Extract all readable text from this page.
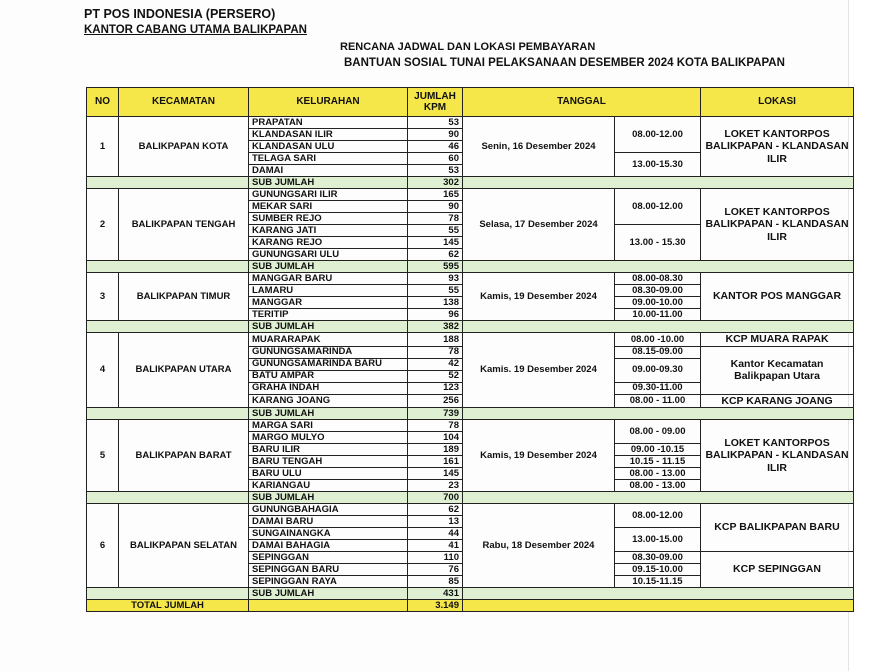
PT POS INDONESIA (PERSERO)
KANTOR CABANG UTAMA BALIKPAPAN
RENCANA JADWAL DAN LOKASI PEMBAYARAN
BANTUAN SOSIAL TUNAI PELAKSANAAN DESEMBER 2024 KOTA BALIKPAPAN
NO	KECAMATAN	KELURAHAN	JUMLAH KPM	TANGGAL		LOKASI
1	BALIKPAPAN KOTA	PRAPATAN	53	Senin, 16 Desember 2024	08.00-12.00	LOKET KANTORPOS BALIKPAPAN - KLANDASAN ILIR
		KLANDASAN ILIR	90			
		KLANDASAN ULU	46			
		TELAGA SARI	60		13.00-15.30	
		DAMAI	53			
		SUB JUMLAH	302			
2	BALIKPAPAN TENGAH	GUNUNGSARI ILIR	165	Selasa, 17 Desember 2024	08.00-12.00	LOKET KANTORPOS BALIKPAPAN - KLANDASAN ILIR
		MEKAR SARI	90			
		SUMBER REJO	78			
		KARANG JATI	55		13.00 - 15.30	
		KARANG REJO	145			
		GUNUNGSARI ULU	62			
		SUB JUMLAH	595			
3	BALIKPAPAN TIMUR	MANGGAR BARU	93	Kamis, 19 Desember 2024	08.00-08.30	KANTOR POS MANGGAR
		LAMARU	55		08.30-09.00	
		MANGGAR	138		09.00-10.00	
		TERITIP	96		10.00-11.00	
		SUB JUMLAH	382			
4	BALIKPAPAN UTARA	MUARARAPAK	188	Kamis. 19 Desember 2024	08.00 -10.00	KCP MUARA RAPAK
		GUNUNGSAMARINDA	78		08.15-09.00	Kantor Kecamatan Balikpapan Utara
		GUNUNGSAMARINDA BARU	42		09.00-09.30	
		BATU AMPAR	52			
		GRAHA INDAH	123		09.30-11.00	
		KARANG JOANG	256		08.00 - 11.00	KCP KARANG JOANG
		SUB JUMLAH	739			
5	BALIKPAPAN BARAT	MARGA SARI	78	Kamis, 19 Desember 2024	08.00 - 09.00	LOKET KANTORPOS BALIKPAPAN - KLANDASAN ILIR
		MARGO MULYO	104			
		BARU ILIR	189		09.00 -10.15	
		BARU TENGAH	161		10.15 - 11.15	
		BARU ULU	145		08.00 - 13.00	
		KARIANGAU	23		08.00 - 13.00	
		SUB JUMLAH	700			
6	BALIKPAPAN SELATAN	GUNUNGBAHAGIA	62	Rabu, 18 Desember 2024	08.00-12.00	KCP BALIKPAPAN BARU
		DAMAI BARU	13			
		SUNGAINANGKA	44		13.00-15.00	
		DAMAI BAHAGIA	41			
		SEPINGGAN	110		08.30-09.00	KCP SEPINGGAN
		SEPINGGAN BARU	76		09.15-10.00	
		SEPINGGAN RAYA	85		10.15-11.15	
		SUB JUMLAH	431			
TOTAL JUMLAH			3.149			
